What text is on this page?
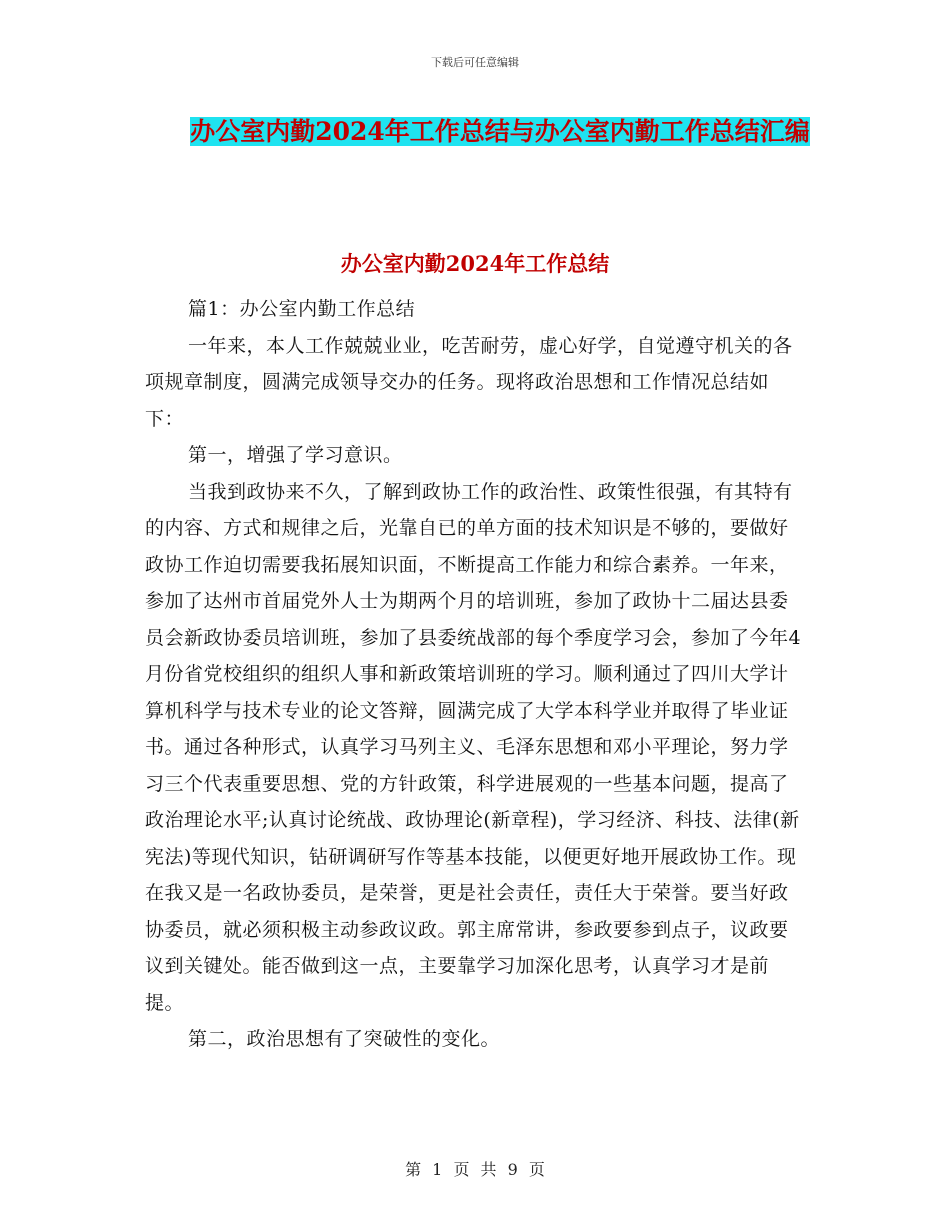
下载后可任意编辑
办公室内勤2024年工作总结与办公室内勤工作总结汇编
办公室内勤2024年工作总结

篇1：办公室内勤工作总结

一年来，本人工作兢兢业业，吃苦耐劳，虚心好学，自觉遵守机关的各项规章制度，圆满完成领导交办的任务。现将政治思想和工作情况总结如下：

第一，增强了学习意识。

当我到政协来不久，了解到政协工作的政治性、政策性很强，有其特有的内容、方式和规律之后，光靠自已的单方面的技术知识是不够的，要做好政协工作迫切需要我拓展知识面，不断提高工作能力和综合素养。一年来，参加了达州市首届党外人士为期两个月的培训班，参加了政协十二届达县委员会新政协委员培训班，参加了县委统战部的每个季度学习会，参加了今年4 月份省党校组织的组织人事和新政策培训班的学习。顺利通过了四川大学计算机科学与技术专业的论文答辩，圆满完成了大学本科学业并取得了毕业证书。通过各种形式，认真学习马列主义、毛泽东思想和邓小平理论，努力学习三个代表重要思想、党的方针政策，科学进展观的一些基本问题，提高了政治理论水平;认真讨论统战、政协理论(新章程)，学习经济、科技、法律(新宪法)等现代知识，钻研调研写作等基本技能，以便更好地开展政协工作。现在我又是一名政协委员，是荣誉，更是社会责任，责任大于荣誉。要当好政协委员，就必须积极主动参政议政。郭主席常讲，参政要参到点子，议政要议到关键处。能否做到这一点，主要靠学习加深化思考，认真学习才是前提。

第二，政治思想有了突破性的变化。

第 1 页 共 9 页
